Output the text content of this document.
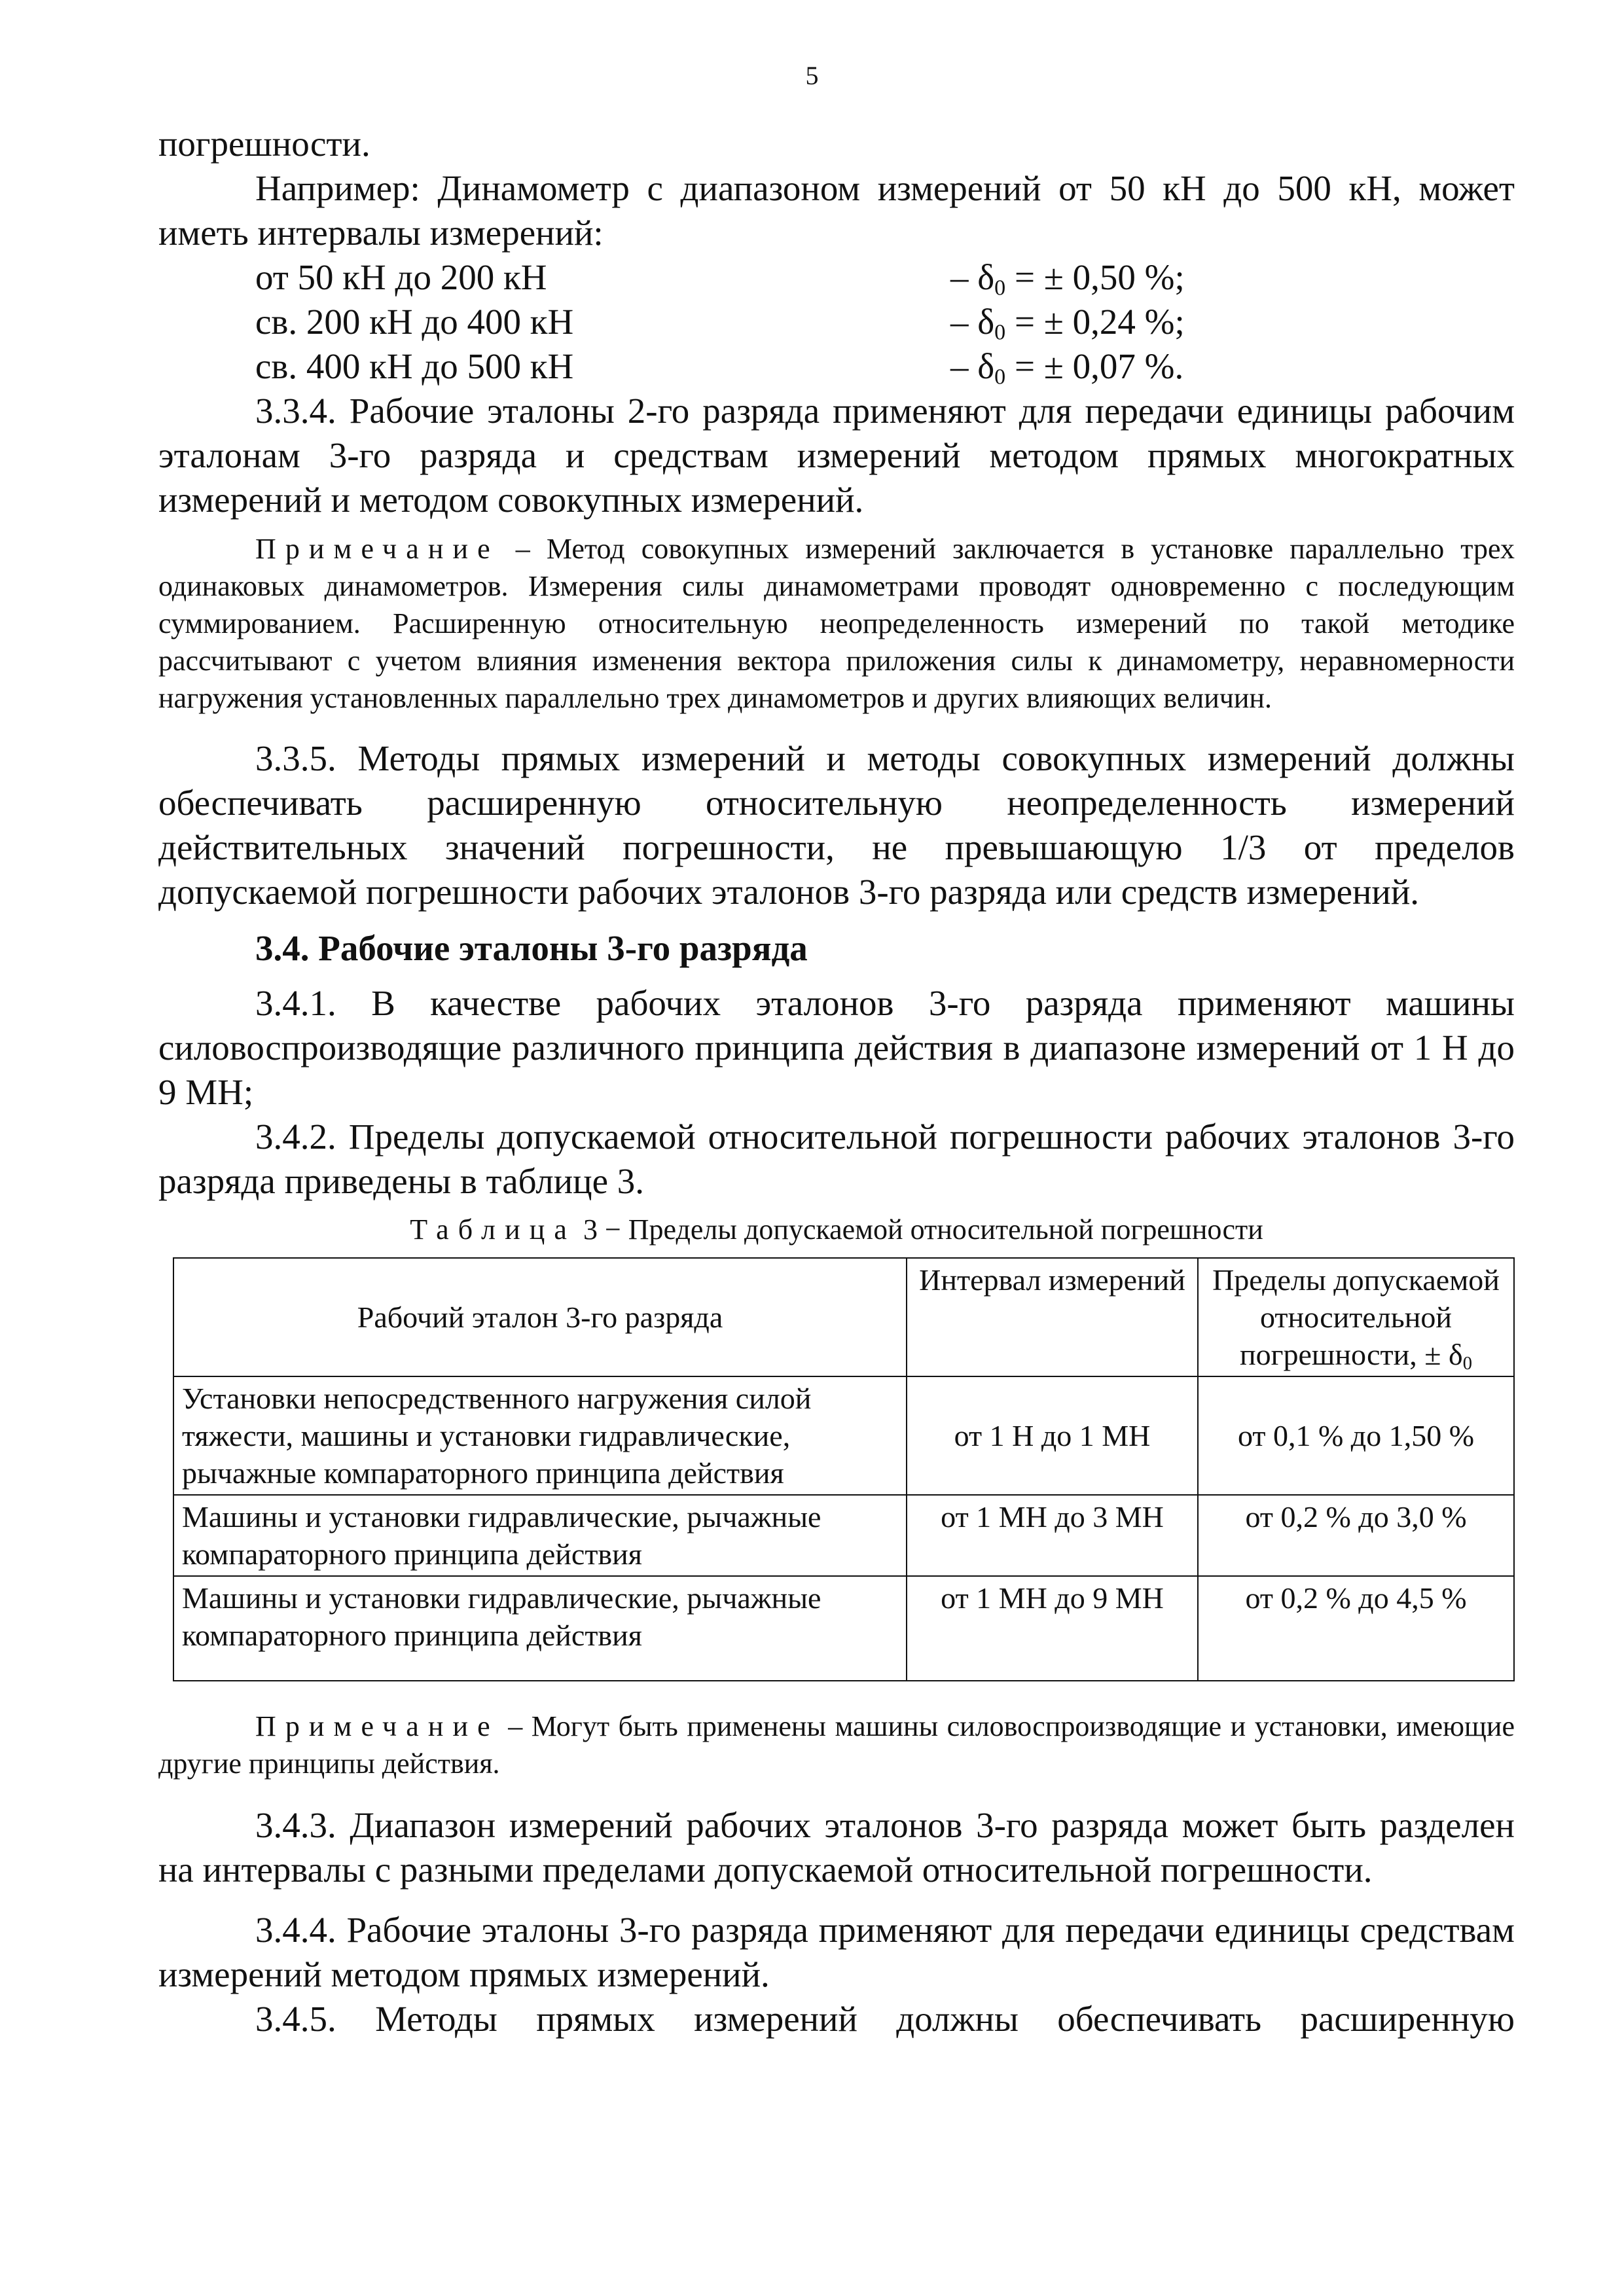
5

погрешности.

Например: Динамометр с диапазоном измерений от 50 кН до 500 кН, может иметь интервалы измерений:

от 50 кН до 200 кН	– $\delta_0$ = ± 0,50 %;
св. 200 кН до 400 кН	– $\delta_0$ = ± 0,24 %;
св. 400 кН до 500 кН	– $\delta_0$ = ± 0,07 %.

3.3.4. Рабочие эталоны 2-го разряда применяют для передачи единицы рабочим эталонам 3-го разряда и средствам измерений методом прямых многократных измерений и методом совокупных измерений.

Примечание – Метод совокупных измерений заключается в установке параллельно трех одинаковых динамометров. Измерения силы динамометрами проводят одновременно с последующим суммированием. Расширенную относительную неопределенность измерений по такой методике рассчитывают с учетом влияния изменения вектора приложения силы к динамометру, неравномерности нагружения установленных параллельно трех динамометров и других влияющих величин.

3.3.5. Методы прямых измерений и методы совокупных измерений должны обеспечивать расширенную относительную неопределенность измерений действительных значений погрешности, не превышающую 1/3 от пределов допускаемой погрешности рабочих эталонов 3-го разряда или средств измерений.

3.4. Рабочие эталоны 3-го разряда

3.4.1. В качестве рабочих эталонов 3-го разряда применяют машины силовоспроизводящие различного принципа действия в диапазоне измерений от 1 Н до 9 МН;

3.4.2. Пределы допускаемой относительной погрешности рабочих эталонов 3-го разряда приведены в таблице 3.

Таблица 3 − Пределы допускаемой относительной погрешности
Рабочий эталон 3-го разряда	Интервал измерений	Пределы допускаемой относительной погрешности, ± $\delta_0$
Установки непосредственного нагружения силой тяжести, машины и установки гидравлические, рычажные компараторного принципа действия	от 1 Н до 1 МН	от 0,1 % до 1,50 %
Машины и установки гидравлические, рычажные компараторного принципа действия	от 1 МН до 3 МН	от 0,2 % до 3,0 %
Машины и установки гидравлические, рычажные компараторного принципа действия	от 1 МН до 9 МН	от 0,2 % до 4,5 %

Примечание – Могут быть применены машины силовоспроизводящие и установки, имеющие другие принципы действия.

3.4.3. Диапазон измерений рабочих эталонов 3-го разряда может быть разделен на интервалы с разными пределами допускаемой относительной погрешности.

3.4.4. Рабочие эталоны 3-го разряда применяют для передачи единицы средствам измерений методом прямых измерений.

3.4.5. Методы прямых измерений должны обеспечивать расширенную
